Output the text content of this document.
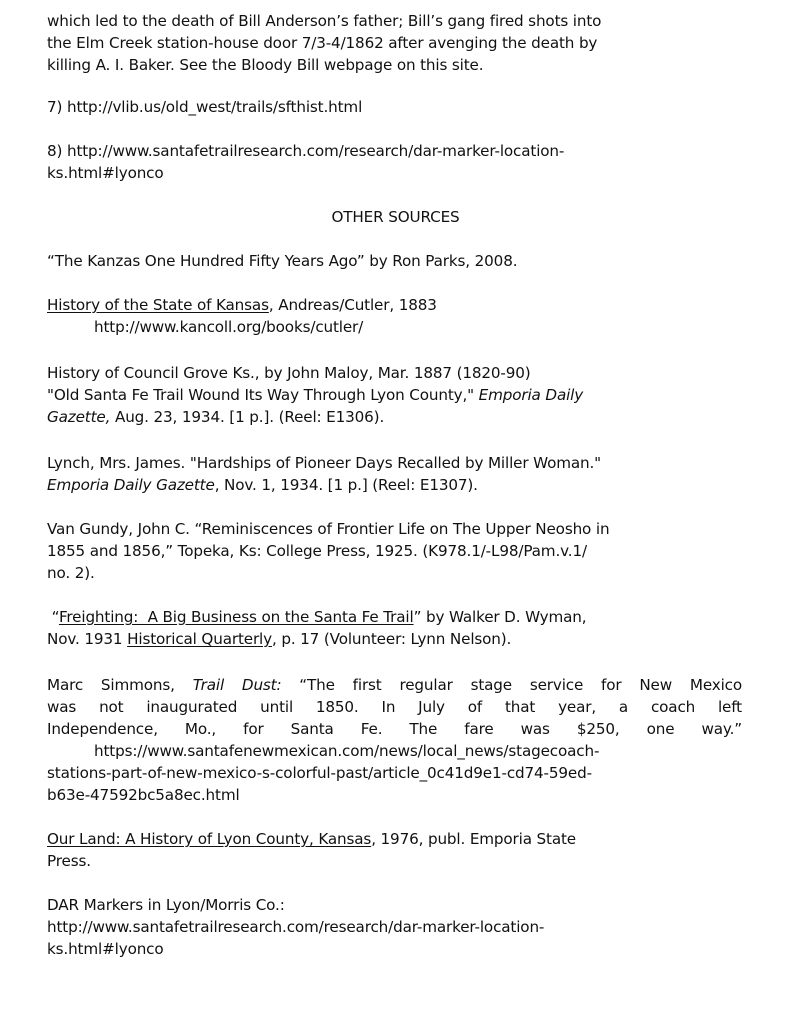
which led to the death of Bill Anderson’s father; Bill’s gang fired shots into
the Elm Creek station-house door 7/3-4/1862 after avenging the death by
killing A. I. Baker. See the Bloody Bill webpage on this site.
7) http://vlib.us/old_west/trails/sfthist.html
8) http://www.santafetrailresearch.com/research/dar-marker-location-
ks.html#lyonco
OTHER SOURCES
“The Kanzas One Hundred Fifty Years Ago” by Ron Parks, 2008.
History of the State of Kansas, Andreas/Cutler, 1883
http://www.kancoll.org/books/cutler/
History of Council Grove Ks., by John Maloy, Mar. 1887 (1820-90)
"Old Santa Fe Trail Wound Its Way Through Lyon County," Emporia Daily
Gazette, Aug. 23, 1934. [1 p.]. (Reel: E1306).
Lynch, Mrs. James. "Hardships of Pioneer Days Recalled by Miller Woman."
Emporia Daily Gazette, Nov. 1, 1934. [1 p.] (Reel: E1307).
Van Gundy, John C. “Reminiscences of Frontier Life on The Upper Neosho in
1855 and 1856,” Topeka, Ks: College Press, 1925. (K978.1/-L98/Pam.v.1/
no. 2).
“Freighting:  A Big Business on the Santa Fe Trail” by Walker D. Wyman,
Nov. 1931 Historical Quarterly, p. 17 (Volunteer: Lynn Nelson).
Marc Simmons, Trail Dust: “The first regular stage service for New Mexico
was not inaugurated until 1850. In July of that year, a coach left
Independence, Mo., for Santa Fe. The fare was $250, one way.”
https://www.santafenewmexican.com/news/local_news/stagecoach-
stations-part-of-new-mexico-s-colorful-past/article_0c41d9e1-cd74-59ed-
b63e-47592bc5a8ec.html
Our Land: A History of Lyon County, Kansas, 1976, publ. Emporia State
Press.
DAR Markers in Lyon/Morris Co.:
http://www.santafetrailresearch.com/research/dar-marker-location-
ks.html#lyonco
